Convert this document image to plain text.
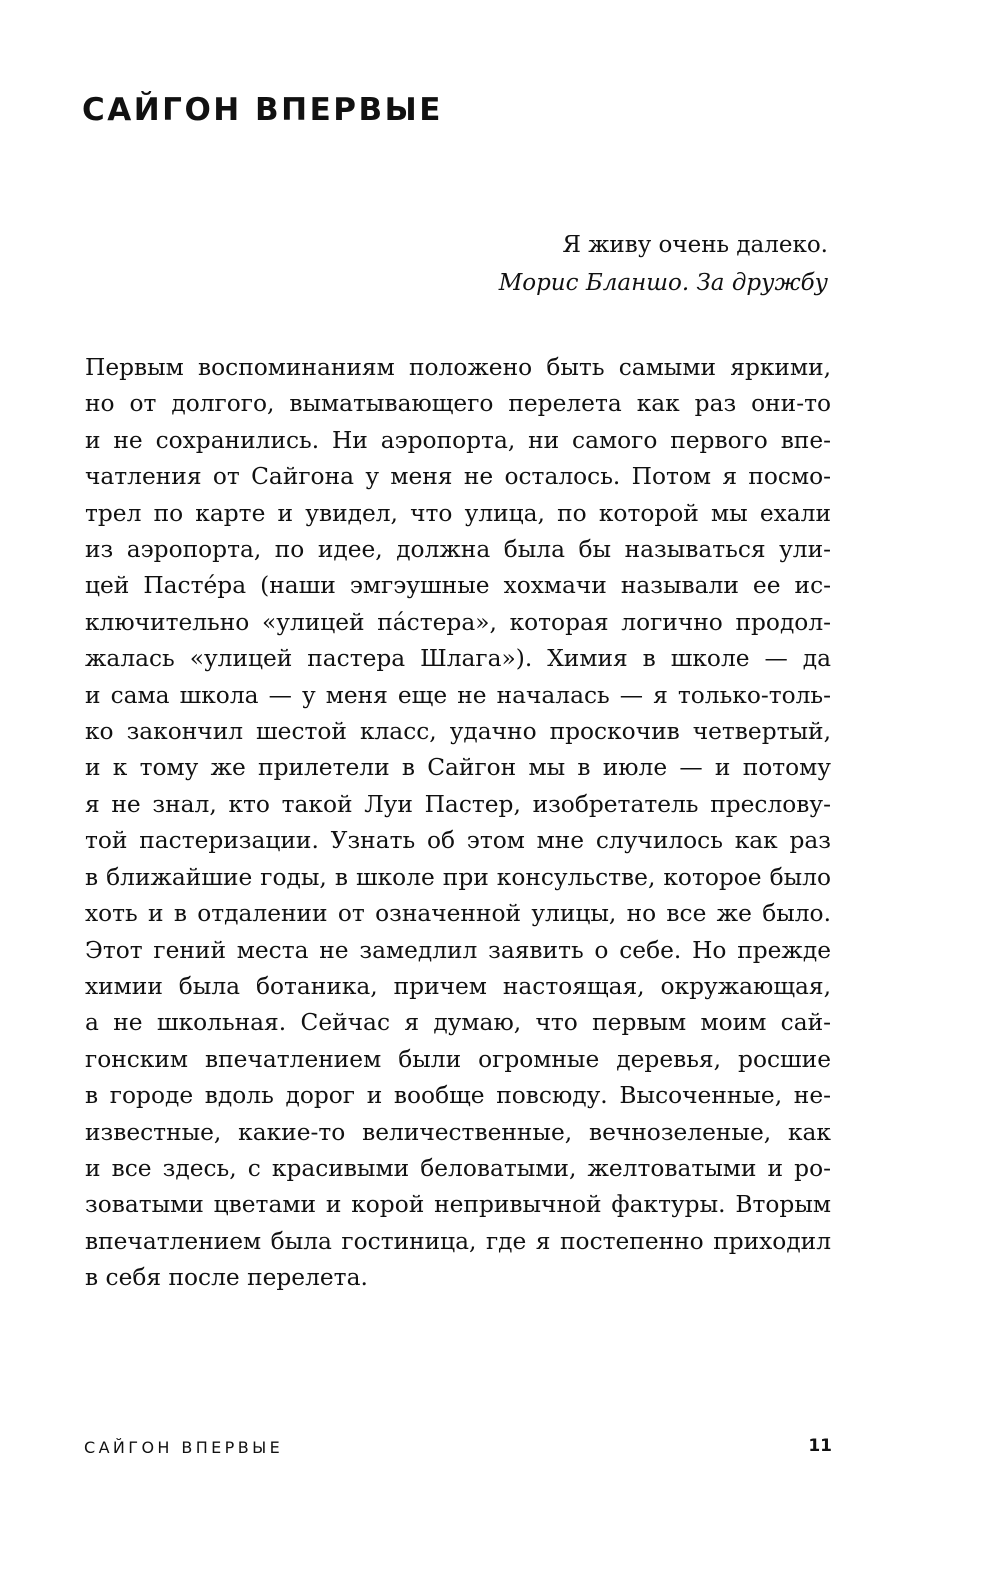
САЙГОН ВПЕРВЫЕ
Я живу очень далеко.
Морис Бланшо. За дружбу
Первым воспоминаниям положено быть самыми яркими,
но от долгого, выматывающего перелета как раз они-то
и не сохранились. Ни аэропорта, ни самого первого впе-
чатления от Сайгона у меня не осталось. Потом я посмо-
трел по карте и увидел, что улица, по которой мы ехали
из аэропорта, по идее, должна была бы называться ули-
цей Пастéра (наши эмгэушные хохмачи называли ее ис-
ключительно «улицей пáстера», которая логично продол-
жалась «улицей пастера Шлага»). Химия в школе — да
и сама школа — у меня еще не началась — я только-толь-
ко закончил шестой класс, удачно проскочив четвертый,
и к тому же прилетели в Сайгон мы в июле — и потому
я не знал, кто такой Луи Пастер, изобретатель преслову-
той пастеризации. Узнать об этом мне случилось как раз
в ближайшие годы, в школе при консульстве, которое было
хоть и в отдалении от означенной улицы, но все же было.
Этот гений места не замедлил заявить о себе. Но прежде
химии была ботаника, причем настоящая, окружающая,
а не школьная. Сейчас я думаю, что первым моим сай-
гонским впечатлением были огромные деревья, росшие
в городе вдоль дорог и вообще повсюду. Высоченные, не-
известные, какие-то величественные, вечнозеленые, как
и все здесь, с красивыми беловатыми, желтоватыми и ро-
зоватыми цветами и корой непривычной фактуры. Вторым
впечатлением была гостиница, где я постепенно приходил
в себя после перелета.
САЙГОН ВПЕРВЫЕ	11
